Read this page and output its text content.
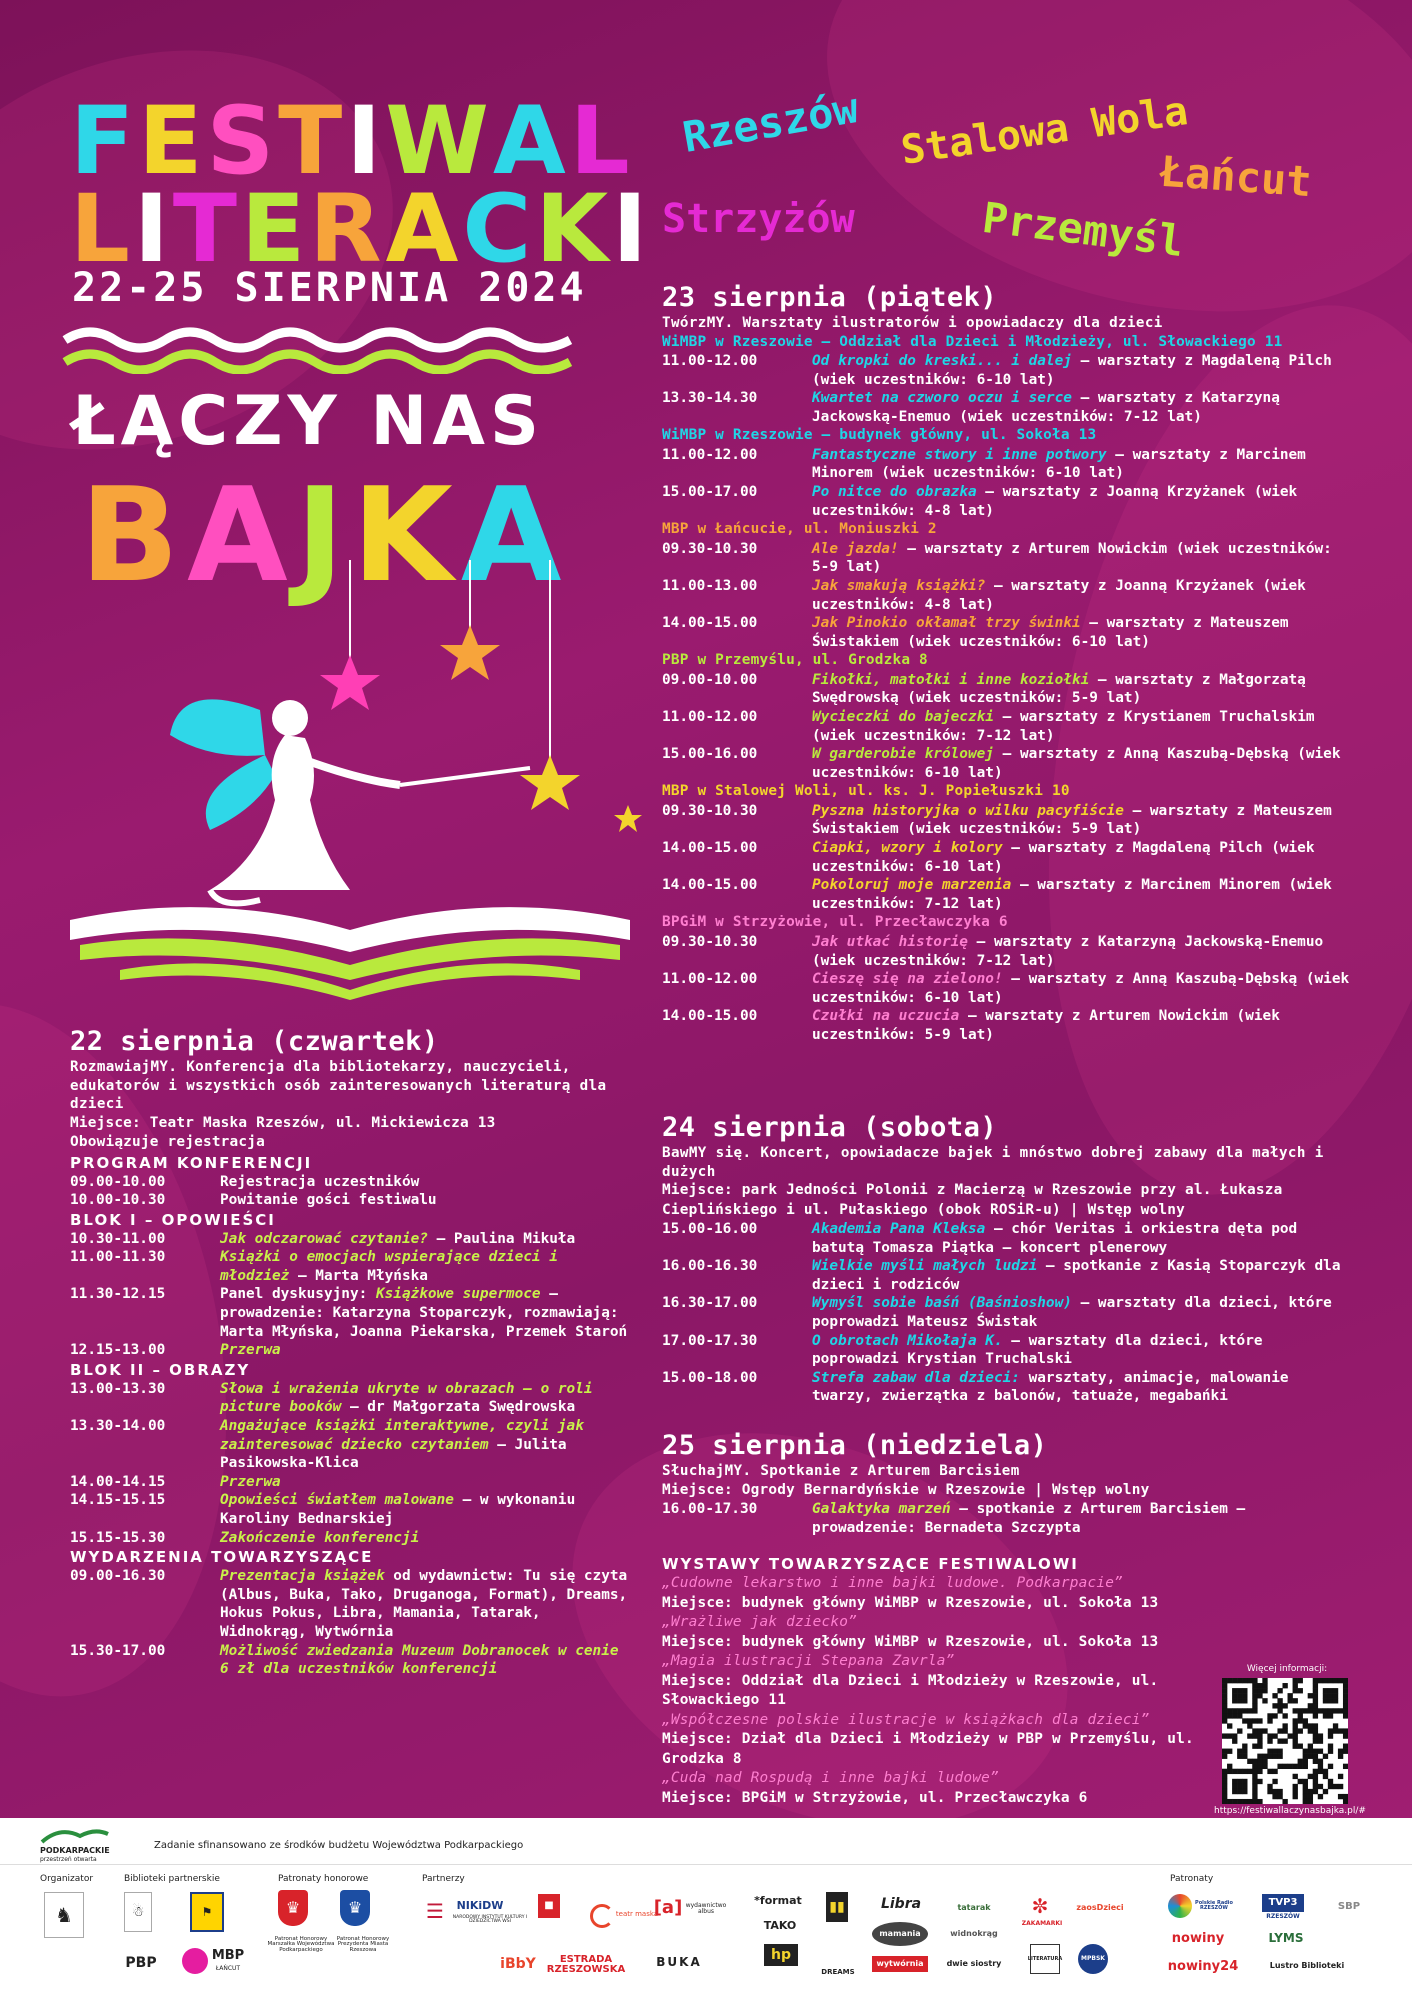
FESTIWAL
LITERACKI
22-25 SIERPNIA 2024
ŁĄCZY NAS
BAJKA
Rzeszów Stalowa Wola
Łańcut
Strzyżów	Przemyśl
22 sierpnia (czwartek)
RozmawiajMY. Konferencja dla bibliotekarzy, nauczycieli, edukatorów i wszystkich osób zainteresowanych literaturą dla dzieci
Miejsce: Teatr Maska Rzeszów, ul. Mickiewicza 13
Obowiązuje rejestracja
PROGRAM KONFERENCJI
09.00-10.00	Rejestracja uczestników
10.00-10.30	Powitanie gości festiwalu
BLOK I – OPOWIEŚCI
10.30-11.00	Jak odczarować czytanie? – Paulina Mikuła
11.00-11.30	Książki o emocjach wspierające dzieci i młodzież – Marta Młyńska
11.30-12.15	Panel dyskusyjny: Książkowe supermoce – prowadzenie: Katarzyna Stoparczyk, rozmawiają: Marta Młyńska, Joanna Piekarska, Przemek Staroń
12.15-13.00	Przerwa
BLOK II – OBRAZY
13.00-13.30	Słowa i wrażenia ukryte w obrazach – o roli picture booków – dr Małgorzata Swędrowska
13.30-14.00	Angażujące książki interaktywne, czyli jak zainteresować dziecko czytaniem – Julita Pasikowska-Klica
14.00-14.15	Przerwa
14.15-15.15	Opowieści światłem malowane – w wykonaniu Karoliny Bednarskiej
15.15-15.30	Zakończenie konferencji
WYDARZENIA TOWARZYSZĄCE
09.00-16.30	Prezentacja książek od wydawnictw: Tu się czyta (Albus, Buka, Tako, Druganoga, Format), Dreams, Hokus Pokus, Libra, Mamania, Tatarak, Widnokrąg, Wytwórnia
15.30-17.00	Możliwość zwiedzania Muzeum Dobranocek w cenie 6 zł dla uczestników konferencji
23 sierpnia (piątek)
TwórzMY. Warsztaty ilustratorów i opowiadaczy dla dzieci
WiMBP w Rzeszowie – Oddział dla Dzieci i Młodzieży, ul. Słowackiego 11
11.00-12.00	Od kropki do kreski... i dalej – warsztaty z Magdaleną Pilch (wiek uczestników: 6-10 lat)
13.30-14.30	Kwartet na czworo oczu i serce – warsztaty z Katarzyną Jackowską-Enemuo (wiek uczestników: 7-12 lat)
WiMBP w Rzeszowie – budynek główny, ul. Sokoła 13
11.00-12.00	Fantastyczne stwory i inne potwory – warsztaty z Marcinem Minorem (wiek uczestników: 6-10 lat)
15.00-17.00	Po nitce do obrazka – warsztaty z Joanną Krzyżanek (wiek uczestników: 4-8 lat)
MBP w Łańcucie, ul. Moniuszki 2
09.30-10.30	Ale jazda! – warsztaty z Arturem Nowickim (wiek uczestników: 5-9 lat)
11.00-13.00	Jak smakują książki? – warsztaty z Joanną Krzyżanek (wiek uczestników: 4-8 lat)
14.00-15.00	Jak Pinokio okłamał trzy świnki – warsztaty z Mateuszem Świstakiem (wiek uczestników: 6-10 lat)
PBP w Przemyślu, ul. Grodzka 8
09.00-10.00	Fikołki, matołki i inne koziołki – warsztaty z Małgorzatą Swędrowską (wiek uczestników: 5-9 lat)
11.00-12.00	Wycieczki do bajeczki – warsztaty z Krystianem Truchalskim (wiek uczestników: 7-12 lat)
15.00-16.00	W garderobie królowej – warsztaty z Anną Kaszubą-Dębską (wiek uczestników: 6-10 lat)
MBP w Stalowej Woli, ul. ks. J. Popiełuszki 10
09.30-10.30	Pyszna historyjka o wilku pacyfiście – warsztaty z Mateuszem Świstakiem (wiek uczestników: 5-9 lat)
14.00-15.00	Ciapki, wzory i kolory – warsztaty z Magdaleną Pilch (wiek uczestników: 6-10 lat)
14.00-15.00	Pokoloruj moje marzenia – warsztaty z Marcinem Minorem (wiek uczestników: 7-12 lat)
BPGiM w Strzyżowie, ul. Przecławczyka 6
09.30-10.30	Jak utkać historię – warsztaty z Katarzyną Jackowską-Enemuo (wiek uczestników: 7-12 lat)
11.00-12.00	Cieszę się na zielono! – warsztaty z Anną Kaszubą-Dębską (wiek uczestników: 6-10 lat)
14.00-15.00	Czułki na uczucia – warsztaty z Arturem Nowickim (wiek uczestników: 5-9 lat)
24 sierpnia (sobota)
BawMY się. Koncert, opowiadacze bajek i mnóstwo dobrej zabawy dla małych i dużych
Miejsce: park Jedności Polonii z Macierzą w Rzeszowie przy al. Łukasza Cieplińskiego i ul. Pułaskiego (obok ROSiR-u) | Wstęp wolny
15.00-16.00	Akademia Pana Kleksa – chór Veritas i orkiestra dęta pod batutą Tomasza Piątka – koncert plenerowy
16.00-16.30	Wielkie myśli małych ludzi – spotkanie z Kasią Stoparczyk dla dzieci i rodziców
16.30-17.00	Wymyśl sobie baśń (Baśnioshow) – warsztaty dla dzieci, które poprowadzi Mateusz Świstak
17.00-17.30	O obrotach Mikołaja K. – warsztaty dla dzieci, które poprowadzi Krystian Truchalski
15.00-18.00	Strefa zabaw dla dzieci: warsztaty, animacje, malowanie twarzy, zwierzątka z balonów, tatuaże, megabańki
25 sierpnia (niedziela)
SłuchajMY. Spotkanie z Arturem Barcisiem
Miejsce: Ogrody Bernardyńskie w Rzeszowie | Wstęp wolny
16.00-17.30	Galaktyka marzeń – spotkanie z Arturem Barcisiem – prowadzenie: Bernadeta Szczypta
WYSTAWY TOWARZYSZĄCE FESTIWALOWI
„Cudowne lekarstwo i inne bajki ludowe. Podkarpacie”
Miejsce: budynek główny WiMBP w Rzeszowie, ul. Sokoła 13
„Wrażliwe jak dziecko”
Miejsce: budynek główny WiMBP w Rzeszowie, ul. Sokoła 13
„Magia ilustracji Stepana Zavrla”
Miejsce: Oddział dla Dzieci i Młodzieży w Rzeszowie, ul. Słowackiego 11
„Współczesne polskie ilustracje w książkach dla dzieci”
Miejsce: Dział dla Dzieci i Młodzieży w PBP w Przemyślu, ul. Grodzka 8
„Cuda nad Rospudą i inne bajki ludowe”
Miejsce: BPGiM w Strzyżowie, ul. Przecławczyka 6
Więcej informacji:
https://festiwallaczynasbajka.pl/#
PODKARPACKIE
przestrzeń otwarta
Zadanie sfinansowano ze środków budżetu Województwa Podkarpackiego
Organizator	Biblioteki partnerskie	Patronaty honorowe	Partnerzy	Patronaty
♞	☃	⚑
PBP	MBP
ŁAŃCUT
♛	♛
Patronat Honorowy Marszałka Województwa Podkarpackiego
Patronat Honorowy Prezydenta Miasta Rzeszowa
☰	NIKiDW
NARODOWY INSTYTUT KULTURY I DZIEDZICTWA WSI
iBbY
■
teatr maska
ESTRADA RZESZOWSKA
[a] wydawnictwo albus
BUKA
*format
TAKO
hp
▮▮
DREAMS
Libra
mamania
wytwórnia
tatarak
widnokrąg
dwie siostry
✼
ZAKAMARKI
zaosDzieci
LITERATURA	MPBSK
Polskie Radio RZESZÓW	TVP3
RZESZÓW
SBP
nowiny	LYMS
nowiny24	Lustro Biblioteki
